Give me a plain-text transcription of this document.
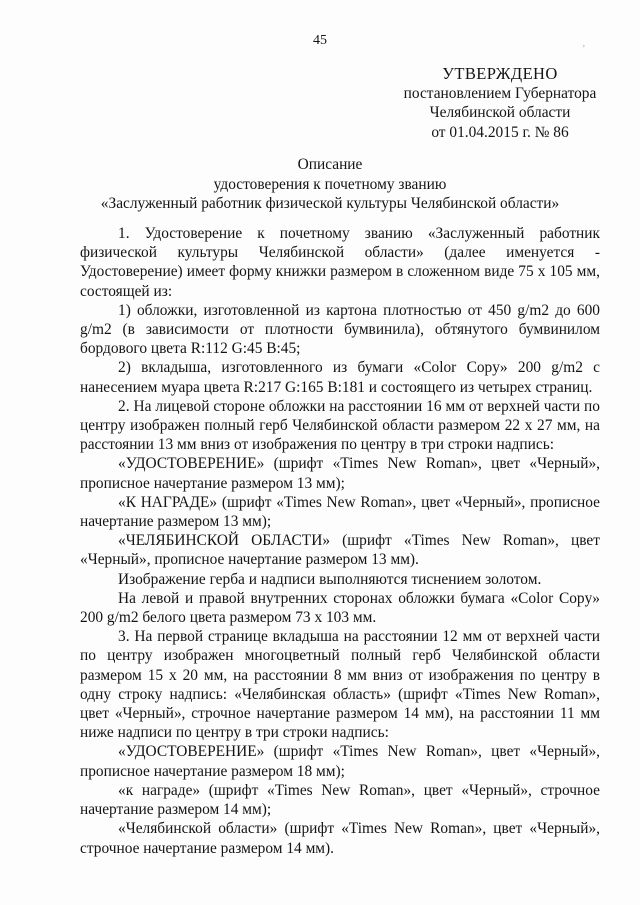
45
'
УТВЕРЖДЕНО
постановлением Губернатора
Челябинской области
от 01.04.2015 г. № 86
Описание
удостоверения к почетному званию
«Заслуженный работник физической культуры Челябинской области»

1. Удостоверение к почетному званию «Заслуженный работник физической культуры Челябинской области» (далее именуется - Удостоверение) имеет форму книжки размером в сложенном виде 75 х 105 мм, состоящей из:

1) обложки, изготовленной из картона плотностью от 450 g/m2 до 600 g/m2 (в зависимости от плотности бумвинила), обтянутого бумвинилом бордового цвета R:112 G:45 B:45;

2) вкладыша, изготовленного из бумаги «Color Copy» 200 g/m2 с нанесением муара цвета R:217 G:165 B:181 и состоящего из четырех страниц.

2. На лицевой стороне обложки на расстоянии 16 мм от верхней части по центру изображен полный герб Челябинской области размером 22 х 27 мм, на расстоянии 13 мм вниз от изображения по центру в три строки надпись:

«УДОСТОВЕРЕНИЕ» (шрифт «Times New Roman», цвет «Черный», прописное начертание размером 13 мм);

«К НАГРАДЕ» (шрифт «Times New Roman», цвет «Черный», прописное начертание размером 13 мм);

«ЧЕЛЯБИНСКОЙ ОБЛАСТИ» (шрифт «Times New Roman», цвет «Черный», прописное начертание размером 13 мм).

Изображение герба и надписи выполняются тиснением золотом.

На левой и правой внутренних сторонах обложки бумага «Color Copy» 200 g/m2 белого цвета размером 73 х 103 мм.

3. На первой странице вкладыша на расстоянии 12 мм от верхней части по центру изображен многоцветный полный герб Челябинской области размером 15 х 20 мм, на расстоянии 8 мм вниз от изображения по центру в одну строку надпись: «Челябинская область» (шрифт «Times New Roman», цвет «Черный», строчное начертание размером 14 мм), на расстоянии 11 мм ниже надписи по центру в три строки надпись:

«УДОСТОВЕРЕНИЕ» (шрифт «Times New Roman», цвет «Черный», прописное начертание размером 18 мм);

«к награде» (шрифт «Times New Roman», цвет «Черный», строчное начертание размером 14 мм);

«Челябинской области» (шрифт «Times New Roman», цвет «Черный», строчное начертание размером 14 мм).
